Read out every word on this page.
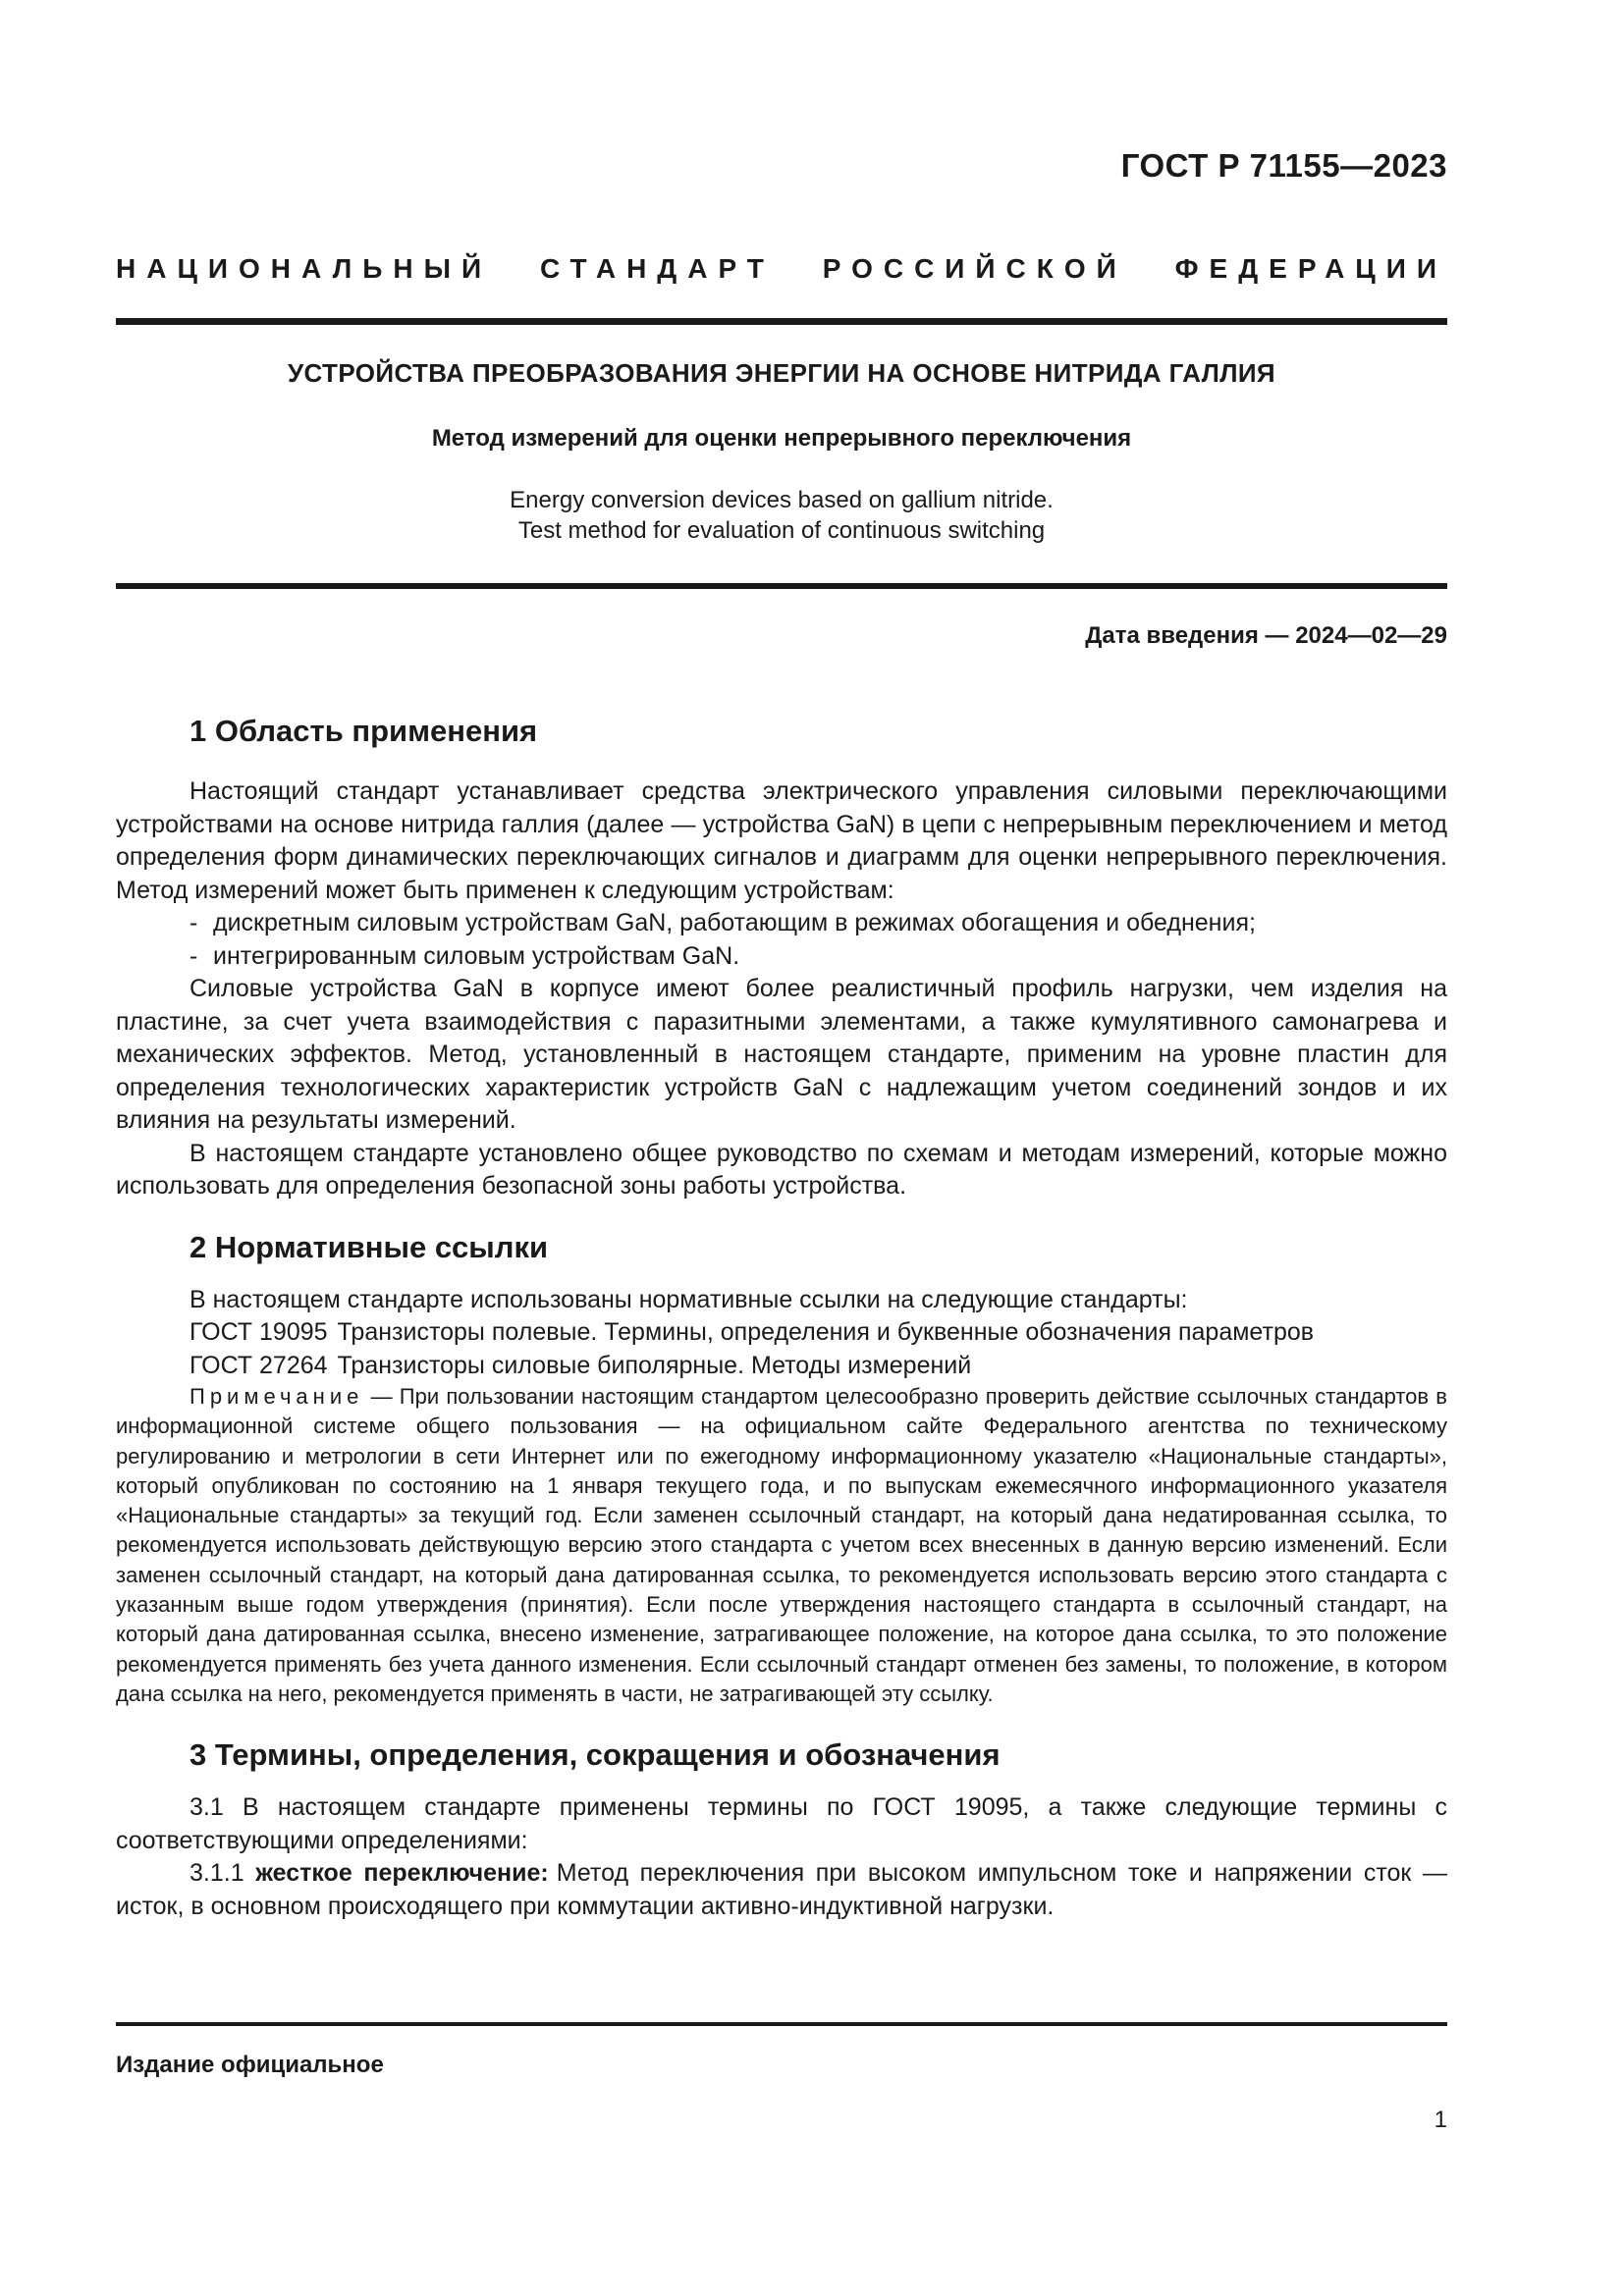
ГОСТ Р 71155—2023
НАЦИОНАЛЬНЫЙ СТАНДАРТ РОССИЙСКОЙ ФЕДЕРАЦИИ
УСТРОЙСТВА ПРЕОБРАЗОВАНИЯ ЭНЕРГИИ НА ОСНОВЕ НИТРИДА ГАЛЛИЯ
Метод измерений для оценки непрерывного переключения
Energy conversion devices based on gallium nitride.
Test method for evaluation of continuous switching
Дата введения — 2024—02—29
1 Область применения

Настоящий стандарт устанавливает средства электрического управления силовыми переключающими устройствами на основе нитрида галлия (далее — устройства GaN) в цепи с непрерывным переключением и метод определения форм динамических переключающих сигналов и диаграмм для оценки непрерывного переключения. Метод измерений может быть применен к следующим устройствам:

- дискретным силовым устройствам GaN, работающим в режимах обогащения и обеднения;
- интегрированным силовым устройствам GaN.

Силовые устройства GaN в корпусе имеют более реалистичный профиль нагрузки, чем изделия на пластине, за счет учета взаимодействия с паразитными элементами, а также кумулятивного самонагрева и механических эффектов. Метод, установленный в настоящем стандарте, применим на уровне пластин для определения технологических характеристик устройств GaN с надлежащим учетом соединений зондов и их влияния на результаты измерений.

В настоящем стандарте установлено общее руководство по схемам и методам измерений, которые можно использовать для определения безопасной зоны работы устройства.

2 Нормативные ссылки

В настоящем стандарте использованы нормативные ссылки на следующие стандарты:

ГОСТ 19095 Транзисторы полевые. Термины, определения и буквенные обозначения параметров
ГОСТ 27264 Транзисторы силовые биполярные. Методы измерений

Примечание — При пользовании настоящим стандартом целесообразно проверить действие ссылочных стандартов в информационной системе общего пользования — на официальном сайте Федерального агентства по техническому регулированию и метрологии в сети Интернет или по ежегодному информационному указателю «Национальные стандарты», который опубликован по состоянию на 1 января текущего года, и по выпускам ежемесячного информационного указателя «Национальные стандарты» за текущий год. Если заменен ссылочный стандарт, на который дана недатированная ссылка, то рекомендуется использовать действующую версию этого стандарта с учетом всех внесенных в данную версию изменений. Если заменен ссылочный стандарт, на который дана датированная ссылка, то рекомендуется использовать версию этого стандарта с указанным выше годом утверждения (принятия). Если после утверждения настоящего стандарта в ссылочный стандарт, на который дана датированная ссылка, внесено изменение, затрагивающее положение, на которое дана ссылка, то это положение рекомендуется применять без учета данного изменения. Если ссылочный стандарт отменен без замены, то положение, в котором дана ссылка на него, рекомендуется применять в части, не затрагивающей эту ссылку.

3 Термины, определения, сокращения и обозначения

3.1 В настоящем стандарте применены термины по ГОСТ 19095, а также следующие термины с соответствующими определениями:

3.1.1 жесткое переключение: Метод переключения при высоком импульсном токе и напряжении сток — исток, в основном происходящего при коммутации активно-индуктивной нагрузки.

Издание официальное
1
